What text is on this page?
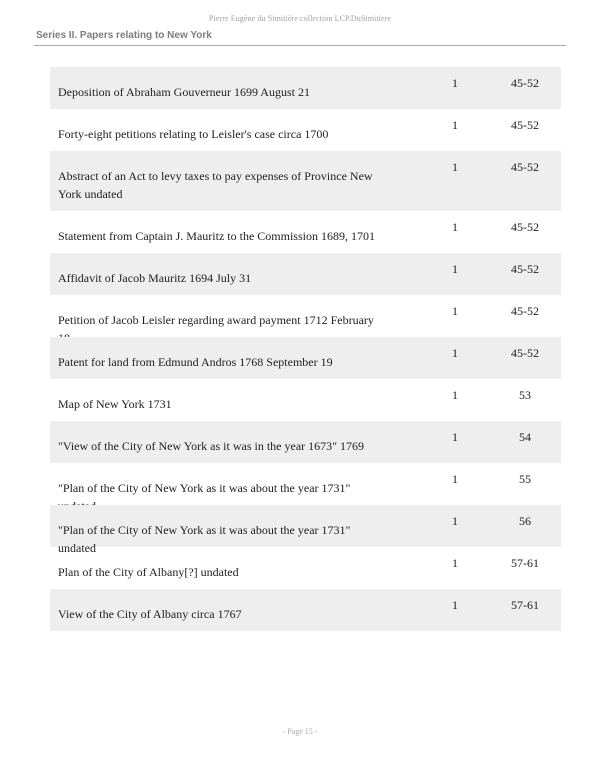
Pierre Eugène du Simitière collection LCP.DuSimitiere
Series II. Papers relating to New York
Deposition of Abraham Gouverneur 1699 August 21
1	45-52
Forty-eight petitions relating to Leisler's case circa 1700
1	45-52
Abstract of an Act to levy taxes to pay expenses of Province New York undated
1	45-52
Statement from Captain J. Mauritz to the Commission 1689, 1701
1	45-52
Affidavit of Jacob Mauritz 1694 July 31
1	45-52
Petition of Jacob Leisler regarding award payment 1712 February
1	45-52
Patent for land from Edmund Andros 1768 September 19
1	45-52
Map of New York 1731
1	53
"View of the City of New York as it was in the year 1673" 1769
1	54
"Plan of the City of New York as it was about the year 1731"
1	55
"Plan of the City of New York as it was about the year 1731" undated
1	56
Plan of the City of Albany[?] undated
1	57-61
View of the City of Albany circa 1767
1	57-61
- Page 15 -
